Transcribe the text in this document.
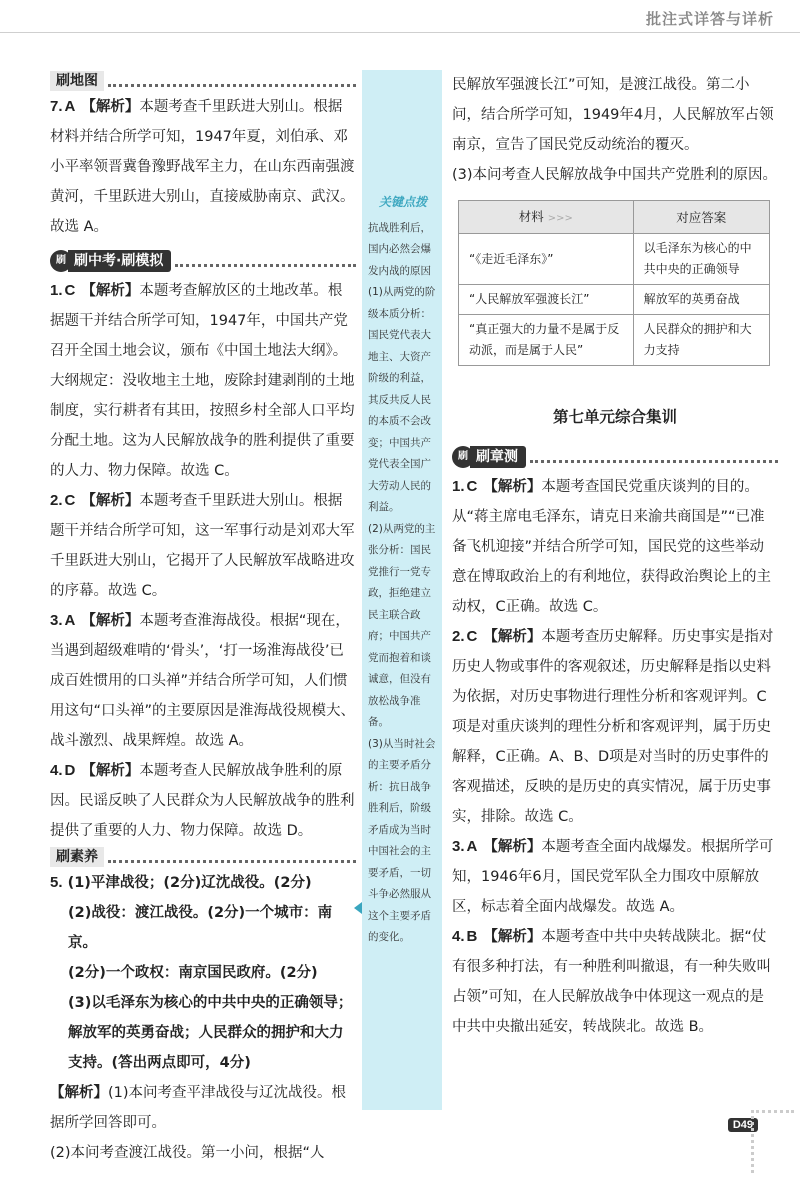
批注式详答与详析
刷地图

7. A 【解析】本题考查千里跃进大别山。根据材料并结合所学可知，1947年夏，刘伯承、邓小平率领晋冀鲁豫野战军主力，在山东西南强渡黄河，千里跃进大别山，直接威胁南京、武汉。故选 A。

刷 刷中考·刷模拟

1. C 【解析】本题考查解放区的土地改革。根据题干并结合所学可知，1947年，中国共产党召开全国土地会议，颁布《中国土地法大纲》。大纲规定：没收地主土地，废除封建剥削的土地制度，实行耕者有其田，按照乡村全部人口平均分配土地。这为人民解放战争的胜利提供了重要的人力、物力保障。故选 C。

2. C 【解析】本题考查千里跃进大别山。根据题干并结合所学可知，这一军事行动是刘邓大军千里跃进大别山，它揭开了人民解放军战略进攻的序幕。故选 C。

3. A 【解析】本题考查淮海战役。根据“现在，当遇到超级难啃的‘骨头’，‘打一场淮海战役’已成百姓惯用的口头禅”并结合所学可知，人们惯用这句“口头禅”的主要原因是淮海战役规模大、战斗激烈、战果辉煌。故选 A。

4. D 【解析】本题考查人民解放战争胜利的原因。民谣反映了人民群众为人民解放战争的胜利提供了重要的人力、物力保障。故选 D。

刷素养

5. (1)平津战役；(2分)辽沈战役。(2分)

(2)战役：渡江战役。(2分)一个城市：南京。

(2分)一个政权：南京国民政府。(2分)

(3)以毛泽东为核心的中共中央的正确领导；解放军的英勇奋战；人民群众的拥护和大力支持。(答出两点即可，4分)

【解析】(1)本问考查平津战役与辽沈战役。根据所学回答即可。

(2)本问考查渡江战役。第一小问，根据“人

关键点拨

抗战胜利后，国内必然会爆发内战的原因

(1)从两党的阶级本质分析：国民党代表大地主、大资产阶级的利益，其反共反人民的本质不会改变；中国共产党代表全国广大劳动人民的利益。

(2)从两党的主张分析：国民党推行一党专政，拒绝建立民主联合政府；中国共产党而抱着和谈诚意，但没有放松战争准备。

(3)从当时社会的主要矛盾分析：抗日战争胜利后，阶级矛盾成为当时中国社会的主要矛盾，一切斗争必然服从这个主要矛盾的变化。

民解放军强渡长江”可知，是渡江战役。第二小问，结合所学可知，1949年4月，人民解放军占领南京，宣告了国民党反动统治的覆灭。

(3)本问考查人民解放战争中国共产党胜利的原因。

材料 >>>	对应答案
“《走近毛泽东》”	以毛泽东为核心的中共中央的正确领导
“人民解放军强渡长江”	解放军的英勇奋战
“真正强大的力量不是属于反动派，而是属于人民”	人民群众的拥护和大力支持
第七单元综合集训
刷 刷章测

1. C 【解析】本题考查国民党重庆谈判的目的。从“蒋主席电毛泽东，请克日来渝共商国是”“已准备飞机迎接”并结合所学可知，国民党的这些举动意在博取政治上的有利地位，获得政治舆论上的主动权，C正确。故选 C。

2. C 【解析】本题考查历史解释。历史事实是指对历史人物或事件的客观叙述，历史解释是指以史料为依据，对历史事物进行理性分析和客观评判。C项是对重庆谈判的理性分析和客观评判，属于历史解释，C正确。A、B、D项是对当时的历史事件的客观描述，反映的是历史的真实情况，属于历史事实，排除。故选 C。

3. A 【解析】本题考查全面内战爆发。根据所学可知，1946年6月，国民党军队全力围攻中原解放区，标志着全面内战爆发。故选 A。

4. B 【解析】本题考查中共中央转战陕北。据“仗有很多种打法，有一种胜利叫撤退，有一种失败叫占领”可知，在人民解放战争中体现这一观点的是中共中央撤出延安，转战陕北。故选 B。

D49
